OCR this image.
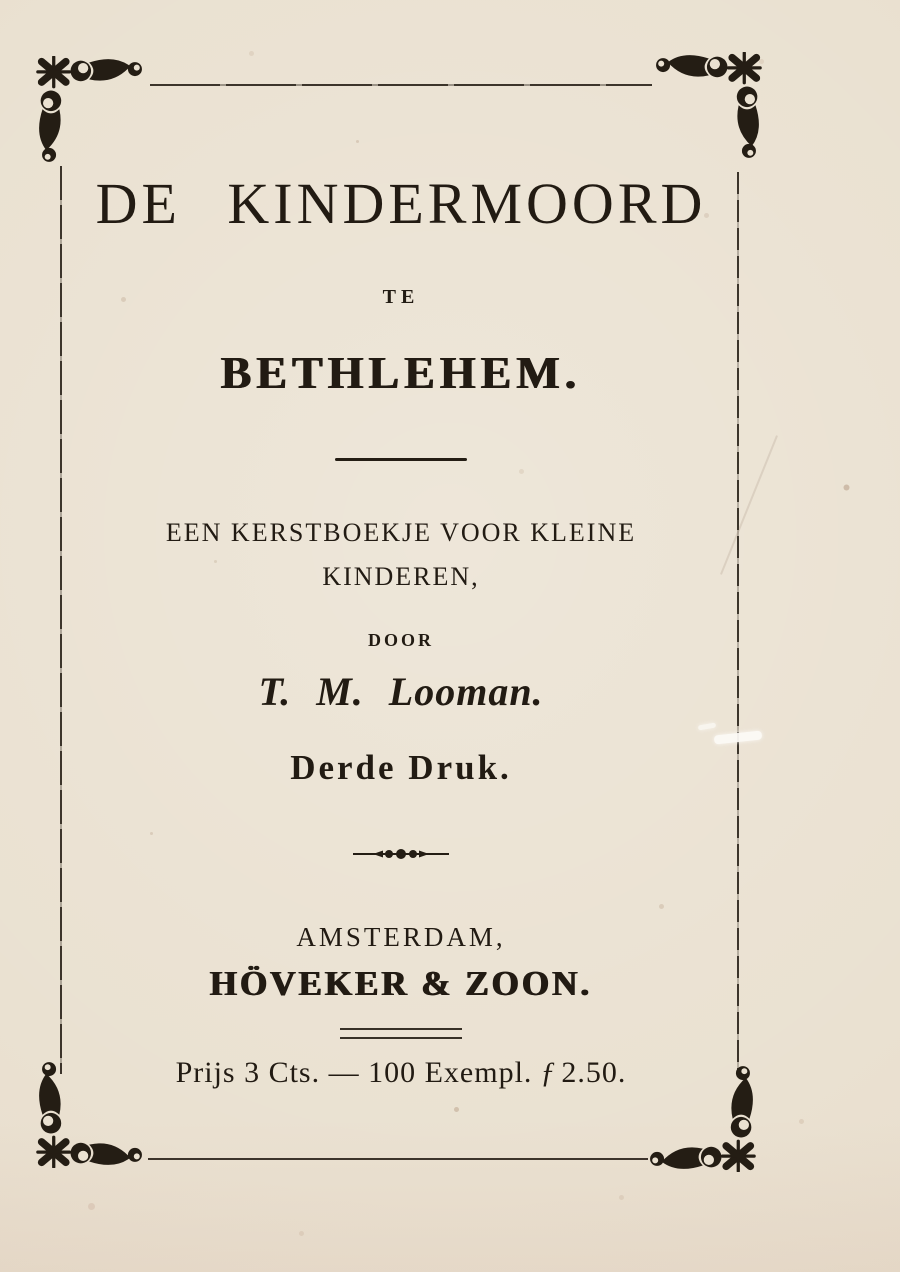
DE KINDERMOORD
TE
BETHLEHEM.
EEN KERSTBOEKJE VOOR KLEINE
KINDEREN,
DOOR
T. M. Looman.
Derde Druk.
AMSTERDAM,
HÖVEKER & ZOON.
Prijs 3 Cts. — 100 Exempl. ƒ 2.50.
